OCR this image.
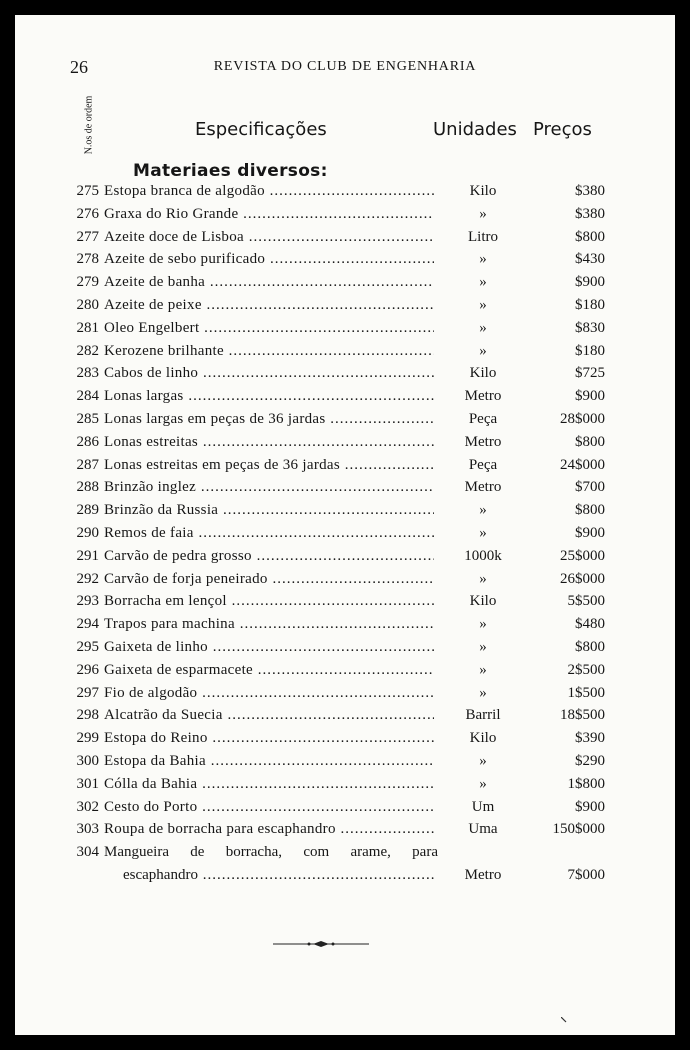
26	REVISTA DO CLUB DE ENGENHARIA
N.os de ordem	Especificações	Unidades Preços
Materiaes diversos:
275 Estopa branca de algodão .....	Kilo	$380
276 Graxa do Rio Grande .....	»	$380
277 Azeite doce de Lisboa .....	Litro	$800
278 Azeite de sebo purificado .....	»	$430
279 Azeite de banha .....	»	$900
280 Azeite de peixe .....	»	$180
281 Oleo Engelbert .....	»	$830
282 Kerozene brilhante .....	»	$180
283 Cabos de linho .....	Kilo	$725
284 Lonas largas .....	Metro	$900
285 Lonas largas em peças de 36 jardas .....	Peça	28$000
286 Lonas estreitas .....	Metro	$800
287 Lonas estreitas em peças de 36 jardas .....	Peça	24$000
288 Brinzão inglez .....	Metro	$700
289 Brinzão da Russia .....	»	$800
290 Remos de faia .....	»	$900
291 Carvão de pedra grosso .....	1000k	25$000
292 Carvão de forja peneirado .....	»	26$000
293 Borracha em lençol .....	Kilo	5$500
294 Trapos para machina .....	»	$480
295 Gaixeta de linho .....	»	$800
296 Gaixeta de esparmacete .....	»	2$500
297 Fio de algodão .....	»	1$500
298 Alcatrão da Suecia .....	Barril	18$500
299 Estopa do Reino .....	Kilo	$390
300 Estopa da Bahia .....	»	$290
301 Cólla da Bahia .....	»	1$800
302 Cesto do Porto .....	Um	$900
303 Roupa de borracha para escaphandro .....	Uma	150$000
304 Mangueira de borracha, com arame, para
escaphandro .....	Metro	7$000
